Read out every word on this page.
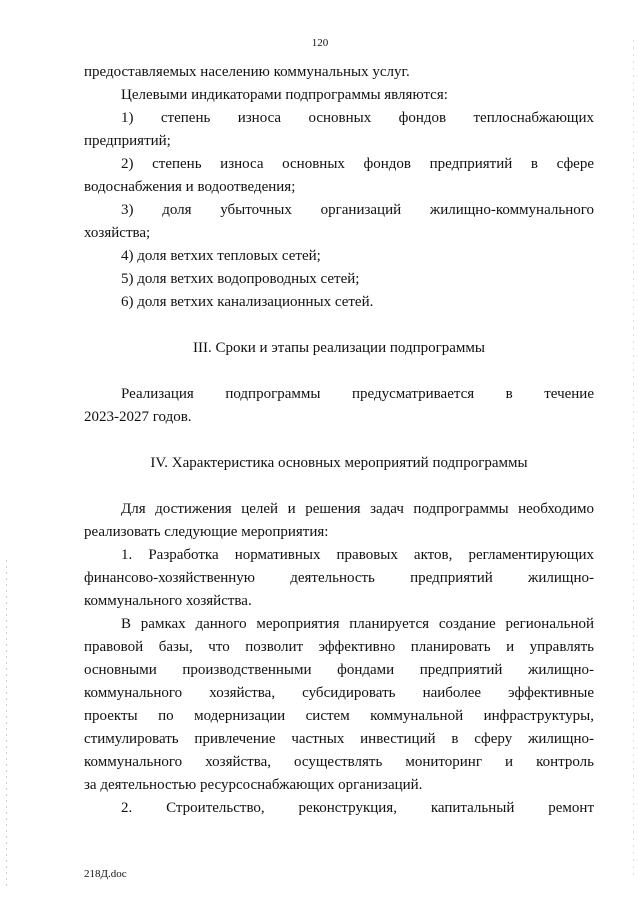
120

предоставляемых населению коммунальных услуг.

Целевыми индикаторами подпрограммы являются:

1) степень износа основных фондов теплоснабжающих

предприятий;

2) степень износа основных фондов предприятий в сфере

водоснабжения и водоотведения;

3) доля убыточных организаций жилищно-коммунального

хозяйства;

4) доля ветхих тепловых сетей;

5) доля ветхих водопроводных сетей;

6) доля ветхих канализационных сетей.

III. Сроки и этапы реализации подпрограммы

Реализация подпрограммы предусматривается в течение

2023-2027 годов.

IV. Характеристика основных мероприятий подпрограммы

Для достижения целей и решения задач подпрограммы необходимо

реализовать следующие мероприятия:

1. Разработка нормативных правовых актов, регламентирующих

финансово-хозяйственную деятельность предприятий жилищно-

коммунального хозяйства.

В рамках данного мероприятия планируется создание региональной

правовой базы, что позволит эффективно планировать и управлять

основными производственными фондами предприятий жилищно-

коммунального хозяйства, субсидировать наиболее эффективные

проекты по модернизации систем коммунальной инфраструктуры,

стимулировать привлечение частных инвестиций в сферу жилищно-

коммунального хозяйства, осуществлять мониторинг и контроль

за деятельностью ресурсоснабжающих организаций.

2. Строительство, реконструкция, капитальный ремонт

218Д.doc
